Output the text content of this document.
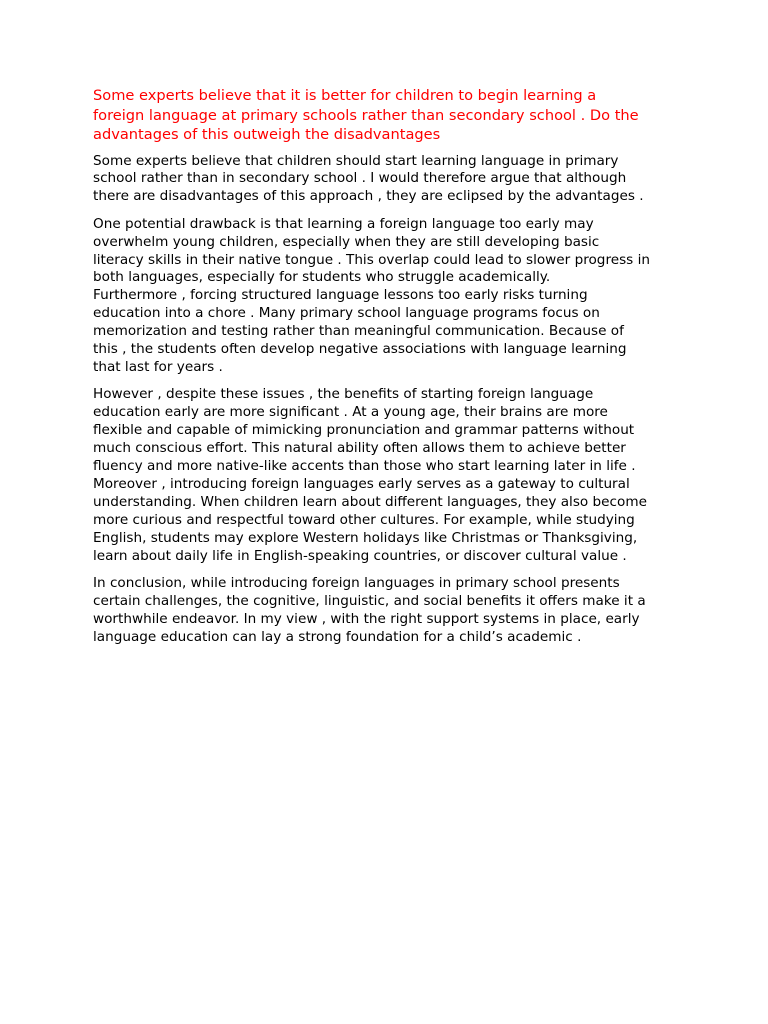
Some experts believe that it is better for children to begin learning a
foreign language at primary schools rather than secondary school . Do the
advantages of this outweigh the disadvantages

Some experts believe that children should start learning language in primary
school rather than in secondary school . I would therefore argue that although
there are disadvantages of this approach , they are eclipsed by the advantages .

One potential drawback is that learning a foreign language too early may
overwhelm young children, especially when they are still developing basic
literacy skills in their native tongue . This overlap could lead to slower progress in
both languages, especially for students who struggle academically.
Furthermore , forcing structured language lessons too early risks turning
education into a chore . Many primary school language programs focus on
memorization and testing rather than meaningful communication. Because of
this , the students often develop negative associations with language learning
that last for years .

However , despite these issues , the benefits of starting foreign language
education early are more significant . At a young age, their brains are more
flexible and capable of mimicking pronunciation and grammar patterns without
much conscious effort. This natural ability often allows them to achieve better
fluency and more native-like accents than those who start learning later in life .
Moreover , introducing foreign languages early serves as a gateway to cultural
understanding. When children learn about different languages, they also become
more curious and respectful toward other cultures. For example, while studying
English, students may explore Western holidays like Christmas or Thanksgiving,
learn about daily life in English-speaking countries, or discover cultural value .

In conclusion, while introducing foreign languages in primary school presents
certain challenges, the cognitive, linguistic, and social benefits it offers make it a
worthwhile endeavor. In my view , with the right support systems in place, early
language education can lay a strong foundation for a child’s academic .
